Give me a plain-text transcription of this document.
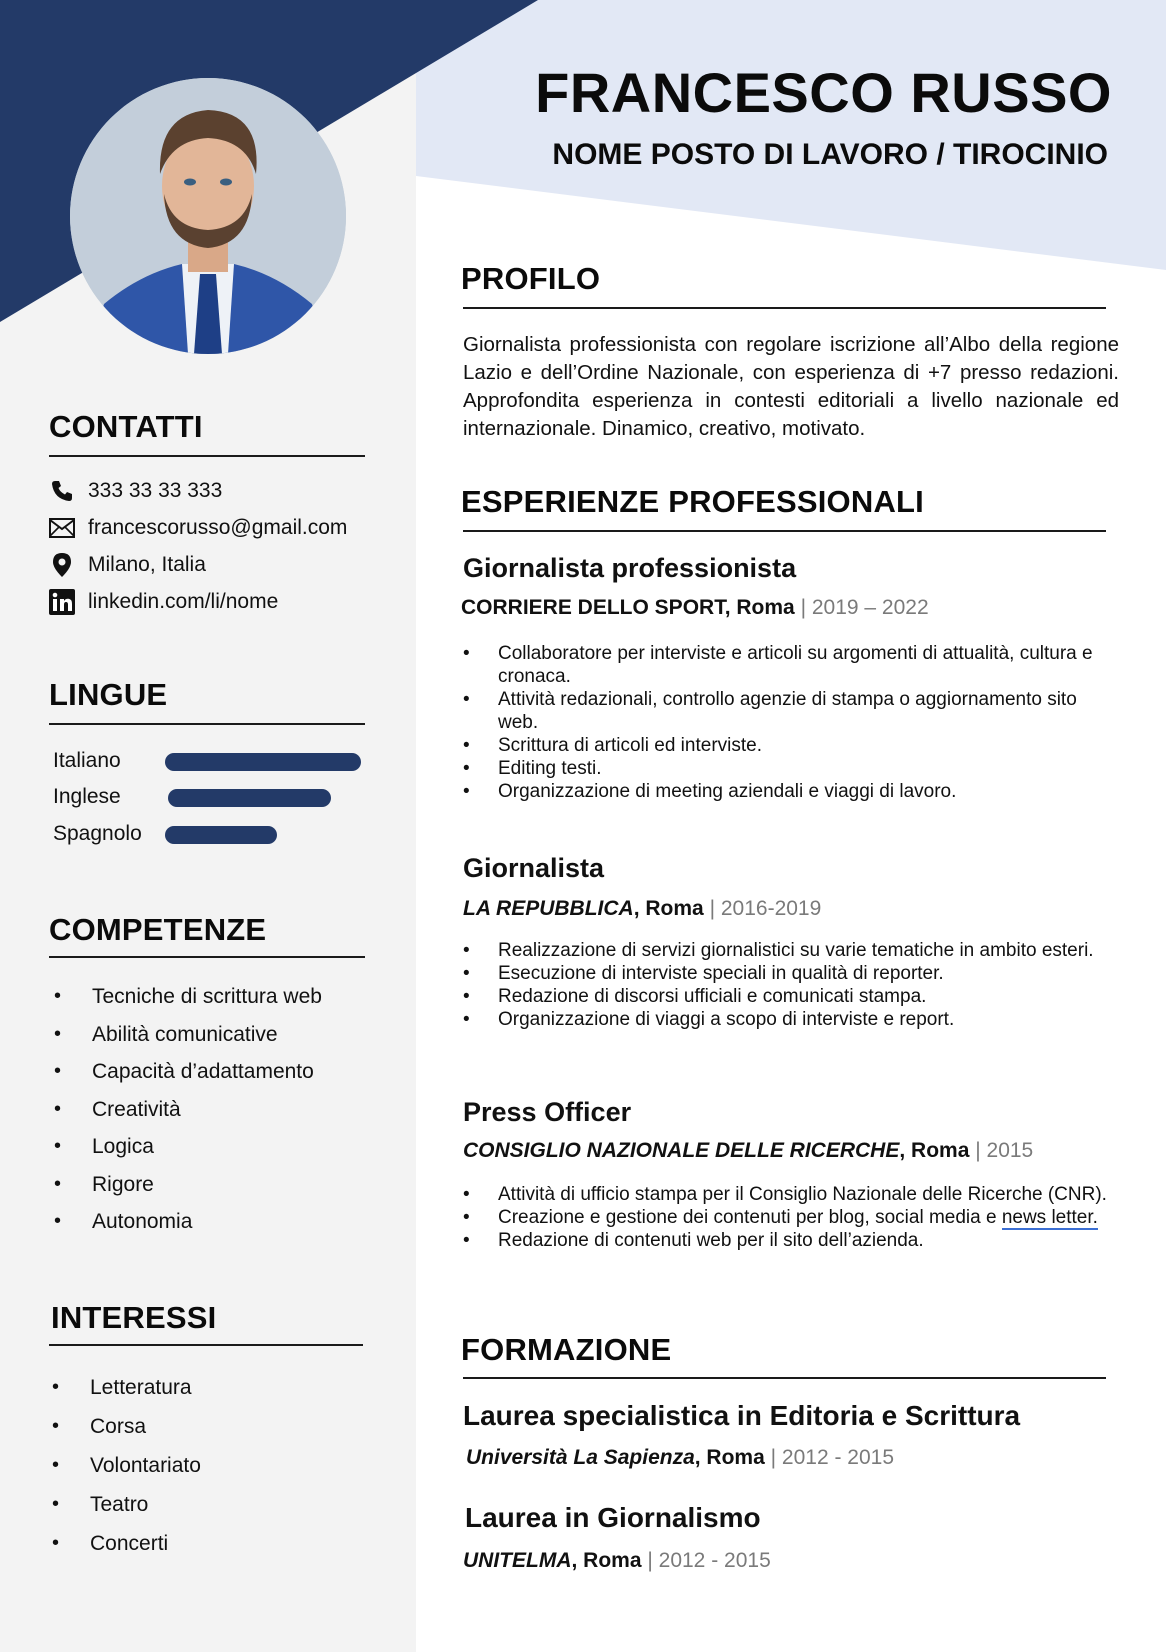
FRANCESCO RUSSO
NOME POSTO DI LAVORO / TIROCINIO
CONTATTI
333 33 33 333
francescorusso@gmail.com
Milano, Italia
linkedin.com/li/nome
LINGUE
Italiano
Inglese
Spagnolo
COMPETENZE
• Tecniche di scrittura web
• Abilità comunicative
• Capacità d’adattamento
• Creatività
• Logica
• Rigore
• Autonomia
INTERESSI
• Letteratura
• Corsa
• Volontariato
• Teatro
• Concerti
PROFILO
Giornalista professionista con regolare iscrizione all’Albo della regione Lazio e dell’Ordine Nazionale, con esperienza di +7 presso redazioni. Approfondita esperienza in contesti editoriali a livello nazionale ed internazionale. Dinamico, creativo, motivato.
ESPERIENZE PROFESSIONALI
Giornalista professionista
CORRIERE DELLO SPORT, Roma | 2019 – 2022
• Collaboratore per interviste e articoli su argomenti di attualità, cultura e cronaca.
• Attività redazionali, controllo agenzie di stampa o aggiornamento sito web.
• Scrittura di articoli ed interviste.
• Editing testi.
• Organizzazione di meeting aziendali e viaggi di lavoro.
Giornalista
LA REPUBBLICA, Roma | 2016-2019
• Realizzazione di servizi giornalistici su varie tematiche in ambito esteri.
• Esecuzione di interviste speciali in qualità di reporter.
• Redazione di discorsi ufficiali e comunicati stampa.
• Organizzazione di viaggi a scopo di interviste e report.
Press Officer
CONSIGLIO NAZIONALE DELLE RICERCHE, Roma | 2015
• Attività di ufficio stampa per il Consiglio Nazionale delle Ricerche (CNR).
• Creazione e gestione dei contenuti per blog, social media e news letter.
• Redazione di contenuti web per il sito dell’azienda.
FORMAZIONE
Laurea specialistica in Editoria e Scrittura
Università La Sapienza, Roma | 2012 - 2015
Laurea in Giornalismo
UNITELMA, Roma | 2012 - 2015
